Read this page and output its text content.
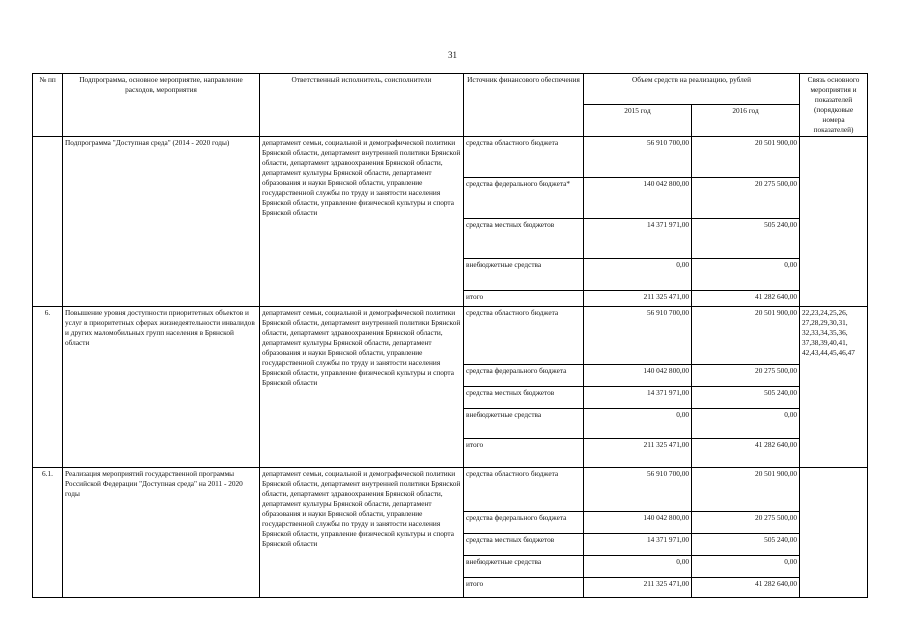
31
№ пп	Подпрограмма, основное мероприятие, направление расходов, мероприятия	Ответственный исполнитель, соисполнители	Источник финансового обеспечения	Объем средств на реализацию, рублей		Связь основного мероприятия и показателей (порядковые номера показателей)
				2015 год	2016 год	
	Подпрограмма "Доступная среда" (2014 - 2020 годы)	департамент семьи, социальной и демографической политики Брянской области, департамент внутренней политики Брянской области, департамент здравоохранения Брянской области, департамент культуры Брянской области, департамент образования и науки Брянской области, управление государственной службы по труду и занятости населения Брянской области, управление физической культуры и спорта Брянской области	средства областного бюджета	56 910 700,00	20 501 900,00	
			средства федерального бюджета*	140 042 800,00	20 275 500,00	
			средства местных бюджетов	14 371 971,00	505 240,00	
			внебюджетные средства	0,00	0,00	
			итого	211 325 471,00	41 282 640,00	
6.	Повышение уровня доступности приоритетных объектов и услуг в приоритетных сферах жизнедеятельности инвалидов и других маломобильных групп населения в Брянской области	департамент семьи, социальной и демографической политики Брянской области, департамент внутренней политики Брянской области, департамент здравоохранения Брянской области, департамент культуры Брянской области, департамент образования и науки Брянской области, управление государственной службы по труду и занятости населения Брянской области, управление физической культуры и спорта Брянской области	средства областного бюджета	56 910 700,00	20 501 900,00	22,23,24,25,26, 27,28,29,30,31, 32,33,34,35,36, 37,38,39,40,41, 42,43,44,45,46,47
			средства федерального бюджета	140 042 800,00	20 275 500,00	
			средства местных бюджетов	14 371 971,00	505 240,00	
			внебюджетные средства	0,00	0,00	
			итого	211 325 471,00	41 282 640,00	
6.1.	Реализация мероприятий государственной программы Российской Федерации "Доступная среда" на 2011 - 2020 годы	департамент семьи, социальной и демографической политики Брянской области, департамент внутренней политики Брянской области, департамент здравоохранения Брянской области, департамент культуры Брянской области, департамент образования и науки Брянской области, управление государственной службы по труду и занятости населения Брянской области, управление физической культуры и спорта Брянской области	средства областного бюджета	56 910 700,00	20 501 900,00	
			средства федерального бюджета	140 042 800,00	20 275 500,00	
			средства местных бюджетов	14 371 971,00	505 240,00	
			внебюджетные средства	0,00	0,00	
			итого	211 325 471,00	41 282 640,00	
